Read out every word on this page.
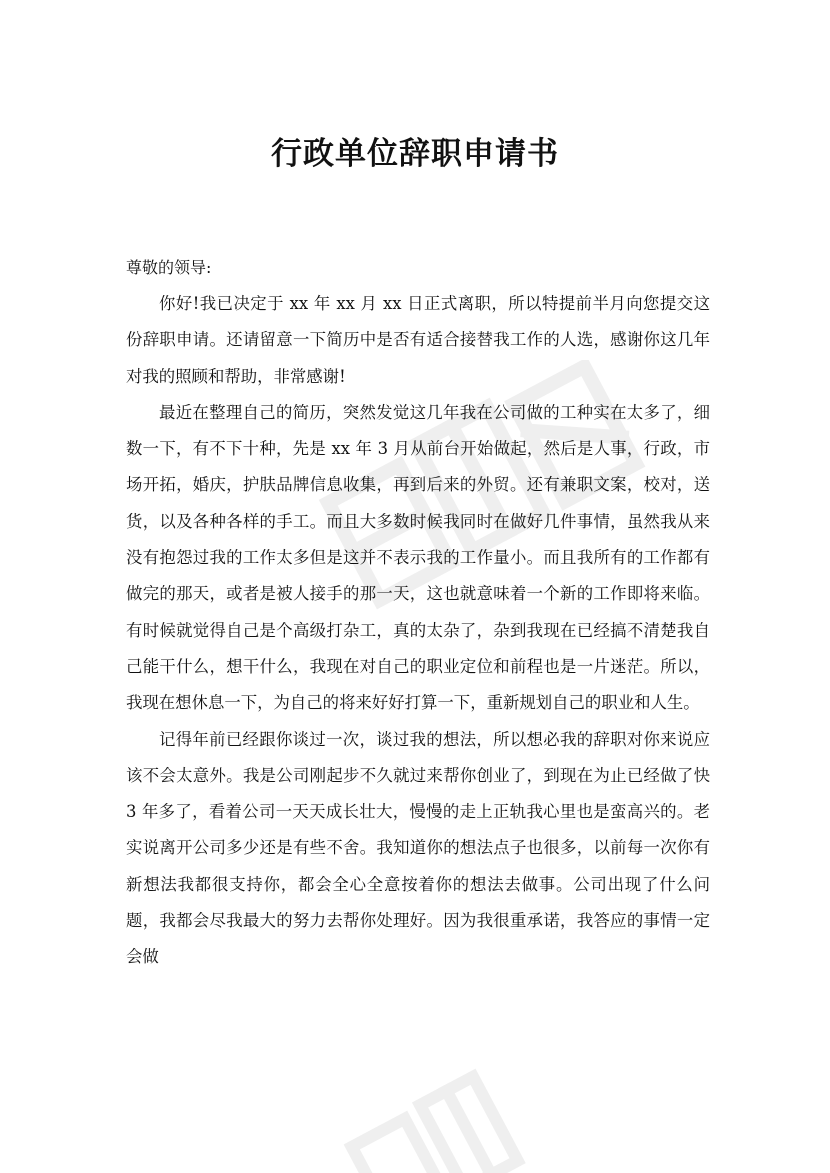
行政单位辞职申请书

尊敬的领导:

你好!我已决定于 xx 年 xx 月 xx 日正式离职，所以特提前半月向您提交这份辞职申请。还请留意一下简历中是否有适合接替我工作的人选，感谢你这几年对我的照顾和帮助，非常感谢!

最近在整理自己的简历，突然发觉这几年我在公司做的工种实在太多了，细数一下，有不下十种，先是 xx 年 3 月从前台开始做起，然后是人事，行政，市场开拓，婚庆，护肤品牌信息收集，再到后来的外贸。还有兼职文案，校对，送货，以及各种各样的手工。而且大多数时候我同时在做好几件事情，虽然我从来没有抱怨过我的工作太多但是这并不表示我的工作量小。而且我所有的工作都有做完的那天，或者是被人接手的那一天，这也就意味着一个新的工作即将来临。有时候就觉得自己是个高级打杂工，真的太杂了，杂到我现在已经搞不清楚我自己能干什么，想干什么，我现在对自己的职业定位和前程也是一片迷茫。所以，我现在想休息一下，为自己的将来好好打算一下，重新规划自己的职业和人生。

记得年前已经跟你谈过一次，谈过我的想法，所以想必我的辞职对你来说应该不会太意外。我是公司刚起步不久就过来帮你创业了，到现在为止已经做了快 3 年多了，看着公司一天天成长壮大，慢慢的走上正轨我心里也是蛮高兴的。老实说离开公司多少还是有些不舍。我知道你的想法点子也很多，以前每一次你有新想法我都很支持你，都会全心全意按着你的想法去做事。公司出现了什么问题，我都会尽我最大的努力去帮你处理好。因为我很重承诺，我答应的事情一定会做
